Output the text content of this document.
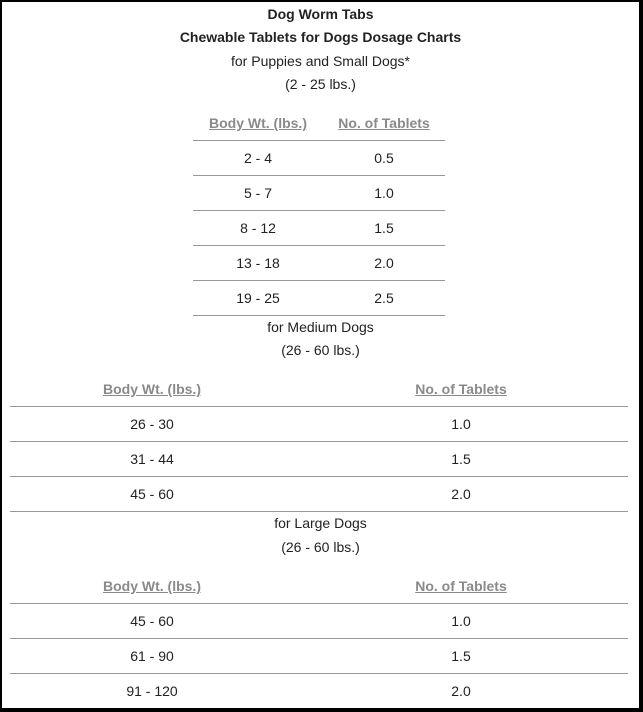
Dog Worm Tabs
Chewable Tablets for Dogs Dosage Charts
for Puppies and Small Dogs*
(2 - 25 lbs.)
Body Wt. (lbs.)	No. of Tablets
2 - 4	0.5
5 - 7	1.0
8 - 12	1.5
13 - 18	2.0
19 - 25	2.5
for Medium Dogs
(26 - 60 lbs.)
Body Wt. (lbs.)	No. of Tablets
26 - 30	1.0
31 - 44	1.5
45 - 60	2.0
for Large Dogs
(26 - 60 lbs.)
Body Wt. (lbs.)	No. of Tablets
45 - 60	1.0
61 - 90	1.5
91 - 120	2.0
